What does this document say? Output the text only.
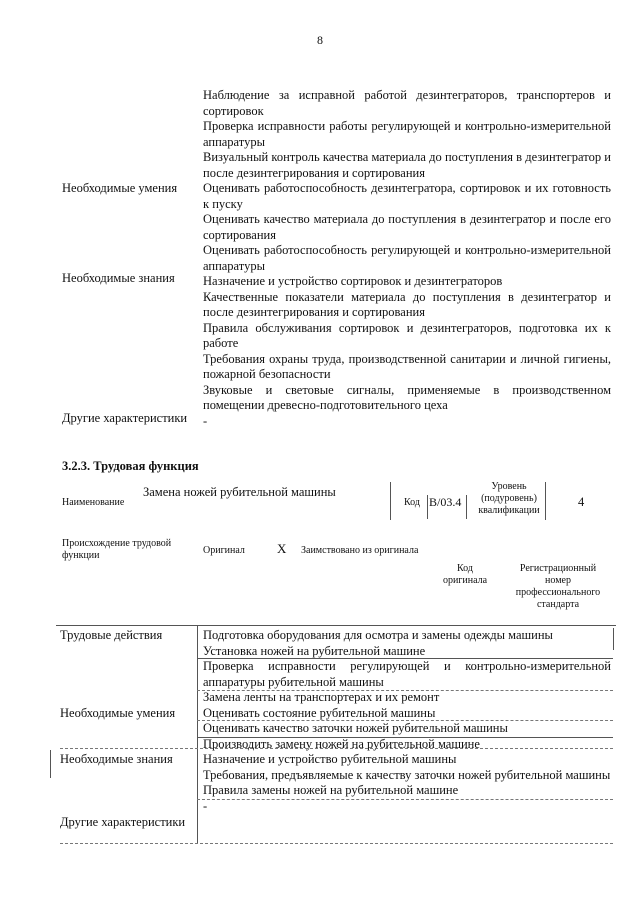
8
Наблюдение за исправной работой дезинтеграторов, транспортеров и сортировок
Проверка исправности работы регулирующей и контрольно-измерительной аппаратуры
Визуальный контроль качества материала до поступления в дезинтегратор и после дезинтегрирования и сортирования
Оценивать работоспособность дезинтегратора, сортировок и их готовность к пуску
Оценивать качество материала до поступления в дезинтегратор и после его сортирования
Оценивать работоспособность регулирующей и контрольно-измерительной аппаратуры
Назначение и устройство сортировок и дезинтеграторов
Качественные показатели материала до поступления в дезинтегратор и после дезинтегрирования и сортирования
Правила обслуживания сортировок и дезинтеграторов, подготовка их к работе
Требования охраны труда, производственной санитарии и личной гигиены, пожарной безопасности
Звуковые и световые сигналы, применяемые в производственном помещении древесно-подготовительного цеха
-
Необходимые умения
Необходимые знания
Другие характеристики
3.2.3. Трудовая функция
Наименование
Замена ножей рубительной машины
Код B/03.4
Уровень
(подуровень)
квалификации
4
Происхождение трудовой
функции	Оригинал X Заимствовано из оригинала
Код
оригинала
Регистрационный
номер
профессионального
стандарта
Трудовые действия
Необходимые умения
Необходимые знания
Другие характеристики
Подготовка оборудования для осмотра и замены одежды машины
Установка ножей на рубительной машине
Проверка исправности регулирующей и контрольно-измерительной аппаратуры рубительной машины
Замена ленты на транспортерах и их ремонт
Оценивать состояние рубительной машины
Оценивать качество заточки ножей рубительной машины
Производить замену ножей на рубительной машине
Назначение и устройство рубительной машины
Требования, предъявляемые к качеству заточки ножей рубительной машины
Правила замены ножей на рубительной машине
-
